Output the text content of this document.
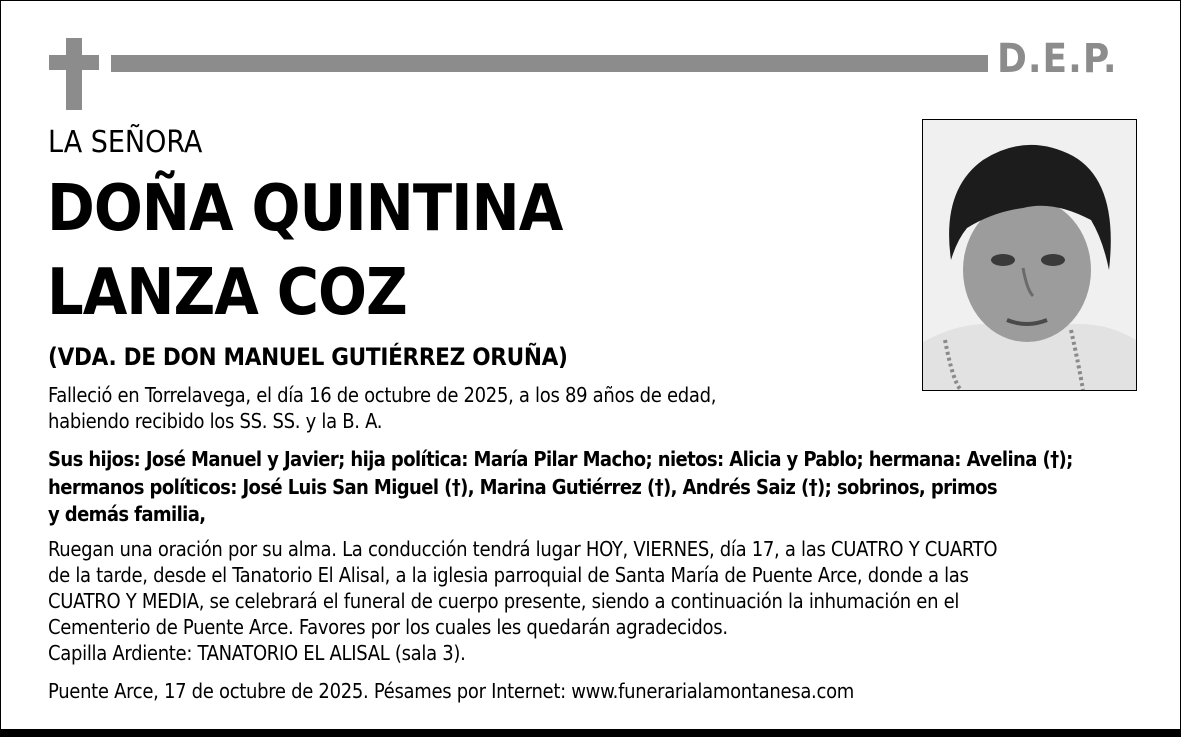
D.E.P.
LA SEÑORA
DOÑA QUINTINA
LANZA COZ
(VDA. DE DON MANUEL GUTIÉRREZ ORUÑA)
Falleció en Torrelavega, el día 16 de octubre de 2025, a los 89 años de edad,
habiendo recibido los SS. SS. y la B. A.
Sus hijos: José Manuel y Javier; hija política: María Pilar Macho; nietos: Alicia y Pablo; hermana: Avelina (†);
hermanos políticos: José Luis San Miguel (†), Marina Gutiérrez (†), Andrés Saiz (†); sobrinos, primos
y demás familia,
Ruegan una oración por su alma. La conducción tendrá lugar HOY, VIERNES, día 17, a las CUATRO Y CUARTO
de la tarde, desde el Tanatorio El Alisal, a la iglesia parroquial de Santa María de Puente Arce, donde a las
CUATRO Y MEDIA, se celebrará el funeral de cuerpo presente, siendo a continuación la inhumación en el
Cementerio de Puente Arce. Favores por los cuales les quedarán agradecidos.
Capilla Ardiente: TANATORIO EL ALISAL (sala 3).
Puente Arce, 17 de octubre de 2025. Pésames por Internet: www.funerarialamontanesa.com
